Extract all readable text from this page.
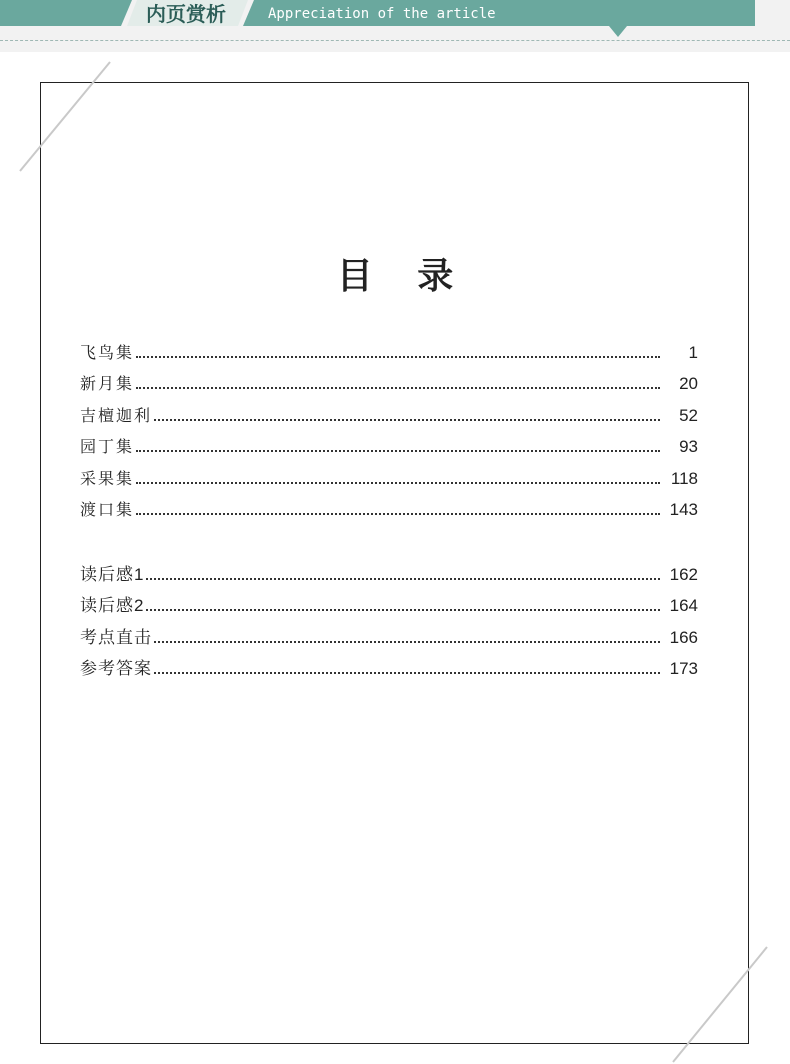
内页赏析	Appreciation of the article
目 录
飞鸟集	1
新月集	20
吉檀迦利	52
园丁集	93
采果集	118
渡口集	143
读后感1	162
读后感2	164
考点直击	166
参考答案	173
